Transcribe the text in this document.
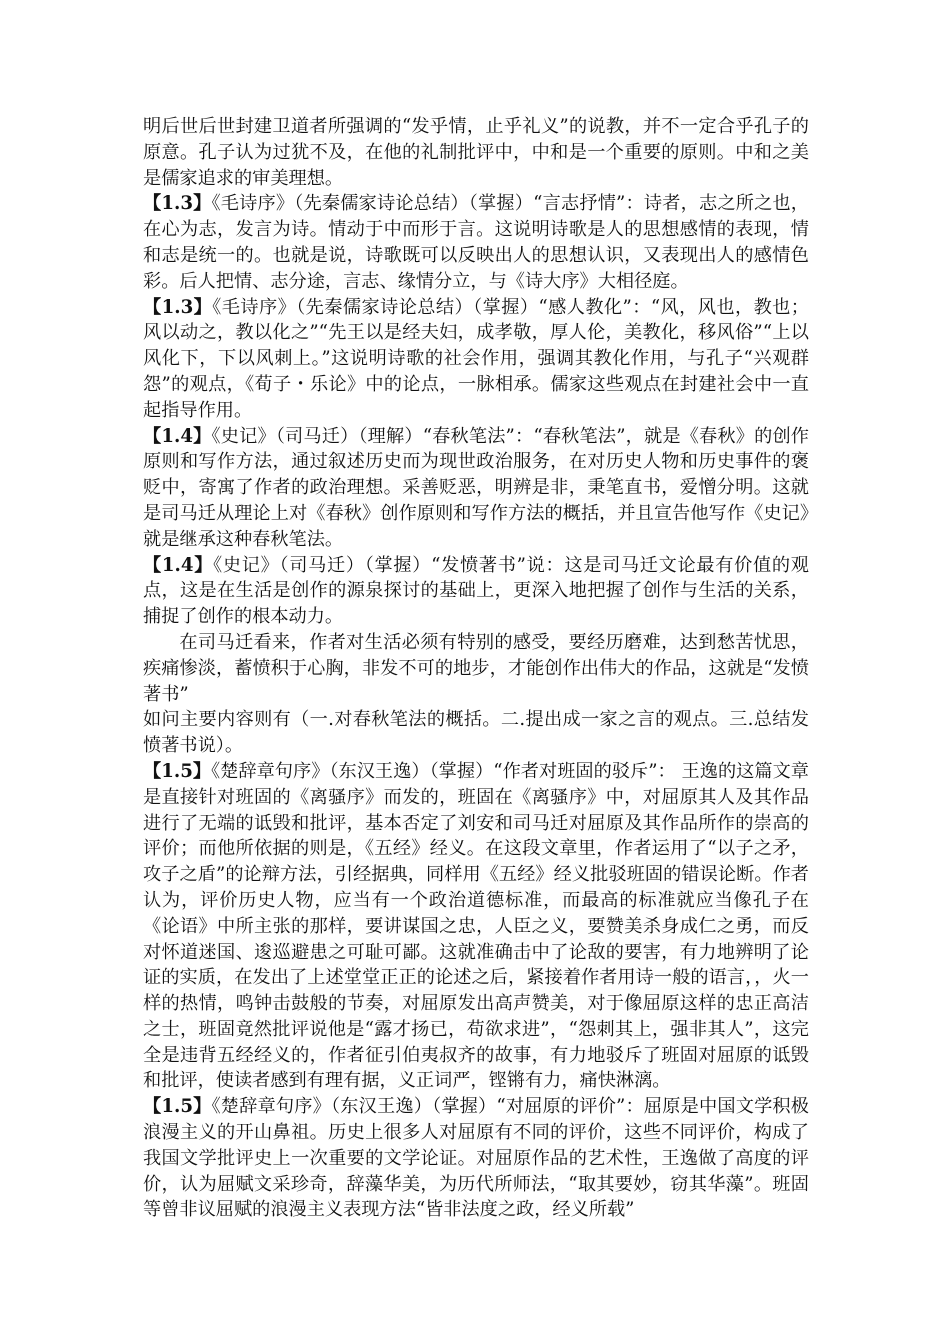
明后世后世封建卫道者所强调的“发乎情，止乎礼义”的说教，并不一定合乎孔子的原意。孔子认为过犹不及，在他的礼制批评中，中和是一个重要的原则。中和之美是儒家追求的审美理想。

【1.3】《毛诗序》（先秦儒家诗论总结）（掌握）“言志抒情”：诗者，志之所之也，在心为志，发言为诗。情动于中而形于言。这说明诗歌是人的思想感情的表现，情和志是统一的。也就是说，诗歌既可以反映出人的思想认识，又表现出人的感情色彩。后人把情、志分途，言志、缘情分立，与《诗大序》大相径庭。

【1.3】《毛诗序》（先秦儒家诗论总结）（掌握）“感人教化”：“风，风也，教也；风以动之，教以化之”“先王以是经夫妇，成孝敬，厚人伦，美教化，移风俗”“上以风化下，下以风刺上。”这说明诗歌的社会作用，强调其教化作用，与孔子“兴观群怨”的观点，《荀子・乐论》中的论点，一脉相承。儒家这些观点在封建社会中一直起指导作用。

【1.4】《史记》（司马迁）（理解）“春秋笔法”：“春秋笔法”，就是《春秋》的创作原则和写作方法，通过叙述历史而为现世政治服务，在对历史人物和历史事件的褒贬中，寄寓了作者的政治理想。采善贬恶，明辨是非，秉笔直书，爱憎分明。这就是司马迁从理论上对《春秋》创作原则和写作方法的概括，并且宣告他写作《史记》就是继承这种春秋笔法。

【1.4】《史记》（司马迁）（掌握）“发愤著书”说：这是司马迁文论最有价值的观点，这是在生活是创作的源泉探讨的基础上，更深入地把握了创作与生活的关系，捕捉了创作的根本动力。

在司马迁看来，作者对生活必须有特别的感受，要经历磨难，达到愁苦忧思，疾痛惨淡，蓄愤积于心胸，非发不可的地步，才能创作出伟大的作品，这就是“发愤著书”

如问主要内容则有（一.对春秋笔法的概括。二.提出成一家之言的观点。三.总结发愤著书说）。

【1.5】《楚辞章句序》（东汉王逸）（掌握）“作者对班固的驳斥”： 王逸的这篇文章是直接针对班固的《离骚序》而发的，班固在《离骚序》中，对屈原其人及其作品进行了无端的诋毁和批评，基本否定了刘安和司马迁对屈原及其作品所作的崇高的评价；而他所依据的则是，《五经》经义。在这段文章里，作者运用了“以子之矛，攻子之盾”的论辩方法，引经据典，同样用《五经》经义批驳班固的错误论断。作者认为，评价历史人物，应当有一个政治道德标准，而最高的标准就应当像孔子在《论语》中所主张的那样，要讲谋国之忠，人臣之义，要赞美杀身成仁之勇，而反对怀道迷国、逡巡避患之可耻可鄙。这就准确击中了论敌的要害，有力地辨明了论证的实质，在发出了上述堂堂正正的论述之后，紧接着作者用诗一般的语言，，火一样的热情，鸣钟击鼓般的节奏，对屈原发出高声赞美，对于像屈原这样的忠正高洁之士，班固竟然批评说他是“露才扬已，苟欲求进”，“怨刺其上，强非其人”，这完全是违背五经经义的，作者征引伯夷叔齐的故事，有力地驳斥了班固对屈原的诋毁和批评，使读者感到有理有据，义正词严，铿锵有力，痛快淋漓。

【1.5】《楚辞章句序》（东汉王逸）（掌握）“对屈原的评价”：屈原是中国文学积极浪漫主义的开山鼻祖。历史上很多人对屈原有不同的评价，这些不同评价，构成了我国文学批评史上一次重要的文学论证。对屈原作品的艺术性，王逸做了高度的评价，认为屈赋文采珍奇，辞藻华美，为历代所师法，“取其要妙，窃其华藻”。班固等曾非议屈赋的浪漫主义表现方法“皆非法度之政，经义所载”
